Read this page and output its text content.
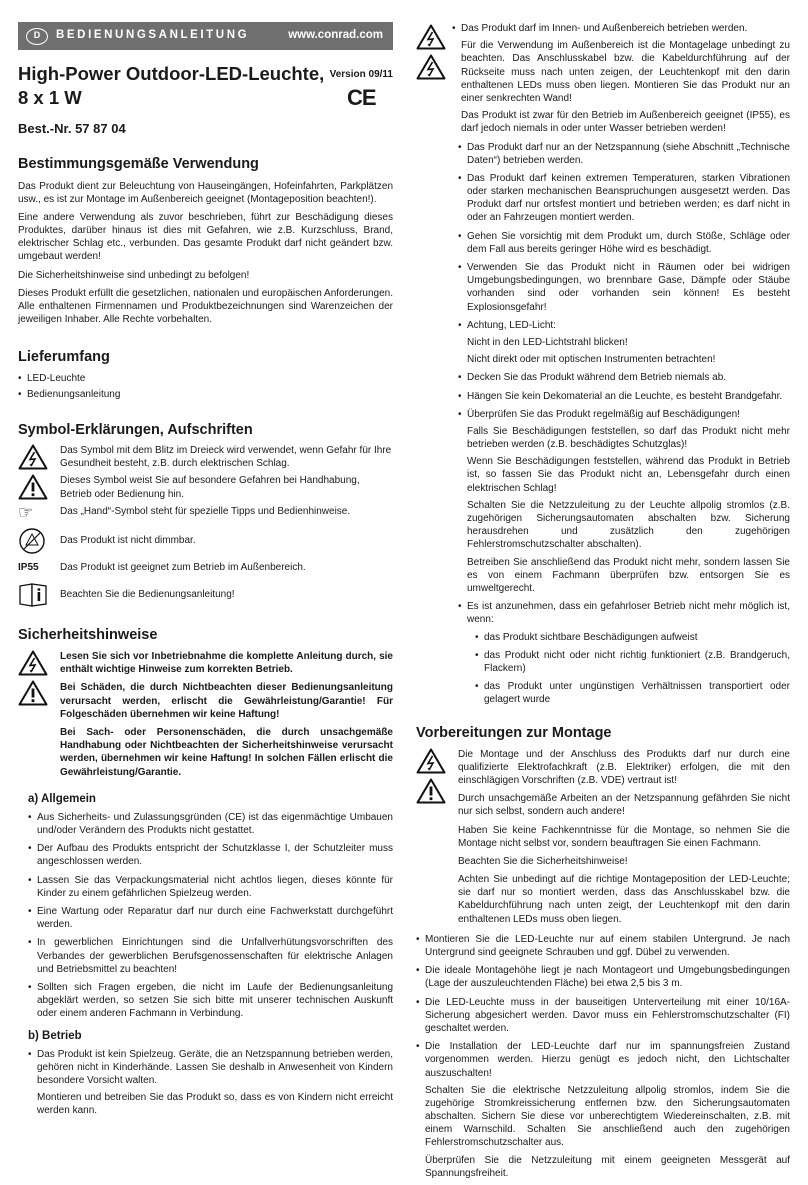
D	BEDIENUNGSANLEITUNG	www.conrad.com
High-Power Outdoor-LED-Leuchte,
8 x 1 W
Version 09/11
CE
Best.-Nr. 57 87 04
Bestimmungsgemäße Verwendung

Das Produkt dient zur Beleuchtung von Hauseingängen, Hofeinfahrten, Parkplätzen usw., es ist zur Montage im Außenbereich geeignet (Montageposition beachten!).

Eine andere Verwendung als zuvor beschrieben, führt zur Beschädigung dieses Produktes, darüber hinaus ist dies mit Gefahren, wie z.B. Kurzschluss, Brand, elektrischer Schlag etc., verbunden. Das gesamte Produkt darf nicht geändert bzw. umgebaut werden!

Die Sicherheitshinweise sind unbedingt zu befolgen!

Dieses Produkt erfüllt die gesetzlichen, nationalen und europäischen Anforderungen. Alle enthaltenen Firmennamen und Produktbezeichnungen sind Warenzeichen der jeweiligen Inhaber. Alle Rechte vorbehalten.

Lieferumfang
• LED-Leuchte
• Bedienungsanleitung
Symbol-Erklärungen, Aufschriften
Das Symbol mit dem Blitz im Dreieck wird verwendet, wenn Gefahr für Ihre Gesundheit besteht, z.B. durch elektrischen Schlag.
Dieses Symbol weist Sie auf besondere Gefahren bei Handhabung, Betrieb oder Bedienung hin.
☞	Das „Hand“-Symbol steht für spezielle Tipps und Bedienhinweise.
Das Produkt ist nicht dimmbar.
IP55	Das Produkt ist geeignet zum Betrieb im Außenbereich.
Beachten Sie die Bedienungsanleitung!
Sicherheitshinweise

Lesen Sie sich vor Inbetriebnahme die komplette Anleitung durch, sie enthält wichtige Hinweise zum korrekten Betrieb.

Bei Schäden, die durch Nichtbeachten dieser Bedienungsanleitung verursacht werden, erlischt die Gewährleistung/Garantie! Für Folgeschäden übernehmen wir keine Haftung!

Bei Sach- oder Personenschäden, die durch unsachgemäße Handhabung oder Nichtbeachten der Sicherheitshinweise verursacht werden, übernehmen wir keine Haftung! In solchen Fällen erlischt die Gewährleistung/Garantie.

a) Allgemein
• Aus Sicherheits- und Zulassungsgründen (CE) ist das eigenmächtige Umbauen und/oder Verändern des Produkts nicht gestattet.
• Der Aufbau des Produkts entspricht der Schutzklasse I, der Schutzleiter muss angeschlossen werden.
• Lassen Sie das Verpackungsmaterial nicht achtlos liegen, dieses könnte für Kinder zu einem gefährlichen Spielzeug werden.
• Eine Wartung oder Reparatur darf nur durch eine Fachwerkstatt durchgeführt werden.
• In gewerblichen Einrichtungen sind die Unfallverhütungsvorschriften des Verbandes der gewerblichen Berufsgenossenschaften für elektrische Anlagen und Betriebsmittel zu beachten!
• Sollten sich Fragen ergeben, die nicht im Laufe der Bedienungsanleitung abgeklärt werden, so setzen Sie sich bitte mit unserer technischen Auskunft oder einem anderen Fachmann in Verbindung.
b) Betrieb
• Das Produkt ist kein Spielzeug. Geräte, die an Netzspannung betrieben werden, gehören nicht in Kinderhände. Lassen Sie deshalb in Anwesenheit von Kindern besondere Vorsicht walten.
Montieren und betreiben Sie das Produkt so, dass es von Kindern nicht erreicht werden kann.
• Das Produkt darf im Innen- und Außenbereich betrieben werden.
Für die Verwendung im Außenbereich ist die Montagelage unbedingt zu beachten. Das Anschlusskabel bzw. die Kabeldurchführung auf der Rückseite muss nach unten zeigen, der Leuchtenkopf mit den darin enthaltenen LEDs muss oben liegen. Montieren Sie das Produkt nur an einer senkrechten Wand!
Das Produkt ist zwar für den Betrieb im Außenbereich geeignet (IP55), es darf jedoch niemals in oder unter Wasser betrieben werden!
• Das Produkt darf nur an der Netzspannung (siehe Abschnitt „Technische Daten“) betrieben werden.
• Das Produkt darf keinen extremen Temperaturen, starken Vibrationen oder starken mechanischen Beanspruchungen ausgesetzt werden. Das Produkt darf nur ortsfest montiert und betrieben werden; es darf nicht in oder an Fahrzeugen montiert werden.
• Gehen Sie vorsichtig mit dem Produkt um, durch Stöße, Schläge oder dem Fall aus bereits geringer Höhe wird es beschädigt.
• Verwenden Sie das Produkt nicht in Räumen oder bei widrigen Umgebungsbedingungen, wo brennbare Gase, Dämpfe oder Stäube vorhanden sind oder vorhanden sein können! Es besteht Explosionsgefahr!
• Achtung, LED-Licht:
Nicht in den LED-Lichtstrahl blicken!
Nicht direkt oder mit optischen Instrumenten betrachten!
• Decken Sie das Produkt während dem Betrieb niemals ab.
• Hängen Sie kein Dekomaterial an die Leuchte, es besteht Brandgefahr.
• Überprüfen Sie das Produkt regelmäßig auf Beschädigungen!
Falls Sie Beschädigungen feststellen, so darf das Produkt nicht mehr betrieben werden (z.B. beschädigtes Schutzglas)!
Wenn Sie Beschädigungen feststellen, während das Produkt in Betrieb ist, so fassen Sie das Produkt nicht an, Lebensgefahr durch einen elektrischen Schlag!
Schalten Sie die Netzzuleitung zu der Leuchte allpolig stromlos (z.B. zugehörigen Sicherungsautomaten abschalten bzw. Sicherung herausdrehen und zusätzlich den zugehörigen Fehlerstromschutzschalter abschalten).
Betreiben Sie anschließend das Produkt nicht mehr, sondern lassen Sie es von einem Fachmann überprüfen bzw. entsorgen Sie es umweltgerecht.
• Es ist anzunehmen, dass ein gefahrloser Betrieb nicht mehr möglich ist, wenn:
• das Produkt sichtbare Beschädigungen aufweist
• das Produkt nicht oder nicht richtig funktioniert (z.B. Brandgeruch, Flackern)
• das Produkt unter ungünstigen Verhältnissen transportiert oder gelagert wurde
Vorbereitungen zur Montage

Die Montage und der Anschluss des Produkts darf nur durch eine qualifizierte Elektrofachkraft (z.B. Elektriker) erfolgen, die mit den einschlägigen Vorschriften (z.B. VDE) vertraut ist!

Durch unsachgemäße Arbeiten an der Netzspannung gefährden Sie nicht nur sich selbst, sondern auch andere!

Haben Sie keine Fachkenntnisse für die Montage, so nehmen Sie die Montage nicht selbst vor, sondern beauftragen Sie einen Fachmann.

Beachten Sie die Sicherheitshinweise!

Achten Sie unbedingt auf die richtige Montageposition der LED-Leuchte; sie darf nur so montiert werden, dass das Anschlusskabel bzw. die Kabeldurchführung nach unten zeigt, der Leuchtenkopf mit den darin enthaltenen LEDs muss oben liegen.

• Montieren Sie die LED-Leuchte nur auf einem stabilen Untergrund. Je nach Untergrund sind geeignete Schrauben und ggf. Dübel zu verwenden.
• Die ideale Montagehöhe liegt je nach Montageort und Umgebungsbedingungen (Lage der auszuleuchtenden Fläche) bei etwa 2,5 bis 3 m.
• Die LED-Leuchte muss in der bauseitigen Unterverteilung mit einer 10/16A-Sicherung abgesichert werden. Davor muss ein Fehlerstromschutzschalter (FI) geschaltet werden.
• Die Installation der LED-Leuchte darf nur im spannungsfreien Zustand vorgenommen werden. Hierzu genügt es jedoch nicht, den Lichtschalter auszuschalten!
Schalten Sie die elektrische Netzzuleitung allpolig stromlos, indem Sie die zugehörige Stromkreissicherung entfernen bzw. den Sicherungsautomaten abschalten. Sichern Sie diese vor unberechtigtem Wiedereinschalten, z.B. mit einem Warnschild. Schalten Sie anschließend auch den zugehörigen Fehlerstromschutzschalter aus.
Überprüfen Sie die Netzzuleitung mit einem geeigneten Messgerät auf Spannungsfreiheit.
